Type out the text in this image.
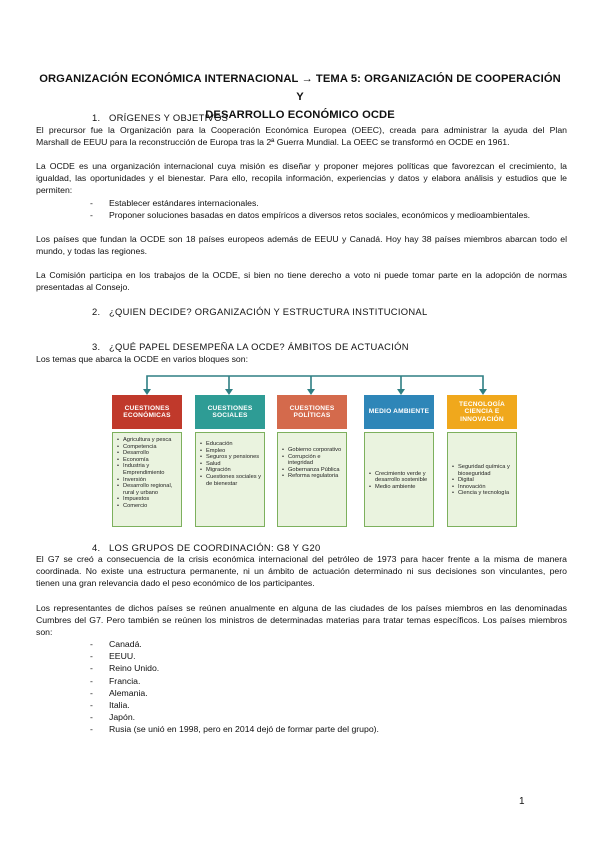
ORGANIZACIÓN ECONÓMICA INTERNACIONAL → TEMA 5: ORGANIZACIÓN DE COOPERACIÓN Y
DESARROLLO ECONÓMICO OCDE
1. ORÍGENES Y OBJETIVOS
El precursor fue la Organización para la Cooperación Económica Europea (OEEC), creada para administrar la ayuda del Plan
Marshall de EEUU para la reconstrucción de Europa tras la 2ª Guerra Mundial. La OEEC se transformó en OCDE en 1961.
La OCDE es una organización internacional cuya misión es diseñar y proponer mejores políticas que favorezcan el crecimiento, la
igualdad, las oportunidades y el bienestar. Para ello, recopila información, experiencias y datos y elabora análisis y estudios que le
permiten:
- Establecer estándares internacionales.
- Proponer soluciones basadas en datos empíricos a diversos retos sociales, económicos y medioambientales.
Los países que fundan la OCDE son 18 países europeos además de EEUU y Canadá. Hoy hay 38 países miembros abarcan todo el
mundo, y todas las regiones.
La Comisión participa en los trabajos de la OCDE, si bien no tiene derecho a voto ni puede tomar parte en la adopción de normas
presentadas al Consejo.
2. ¿QUIEN DECIDE? ORGANIZACIÓN Y ESTRUCTURA INSTITUCIONAL
3. ¿QUÉ PAPEL DESEMPEÑA LA OCDE? ÁMBITOS DE ACTUACIÓN
Los temas que abarca la OCDE en varios bloques son:
CUESTIONES ECONÓMICAS
• Agricultura y pesca
• Competencia
• Desarrollo
• Economía
• Industria y Emprendimiento
• Inversión
• Desarrollo regional, rural y urbano
• Impuestos
• Comercio
CUESTIONES SOCIALES
• Educación
• Empleo
• Seguros y pensiones
• Salud
• Migración
• Cuestiones sociales y de bienestar
CUESTIONES POLÍTICAS
• Gobierno corporativo
• Corrupción e integridad
• Gobernanza Pública
• Reforma regulatoria
MEDIO AMBIENTE
• Crecimiento verde y desarrollo sostenible
• Medio ambiente
TECNOLOGÍA CIENCIA E INNOVACIÓN
• Seguridad química y bioseguridad
• Digital
• Innovación
• Ciencia y tecnología
4. LOS GRUPOS DE COORDINACIÓN: G8 Y G20
El G7 se creó a consecuencia de la crisis económica internacional del petróleo de 1973 para hacer frente a la misma de manera
coordinada. No existe una estructura permanente, ni un ámbito de actuación determinado ni sus decisiones son vinculantes, pero
tienen una gran relevancia dado el peso económico de los participantes.
Los representantes de dichos países se reúnen anualmente en alguna de las ciudades de los países miembros en las denominadas
Cumbres del G7. Pero también se reúnen los ministros de determinadas materias para tratar temas específicos. Los países miembros
son:
- Canadá.
- EEUU.
- Reino Unido.
- Francia.
- Alemania.
- Italia.
- Japón.
- Rusia (se unió en 1998, pero en 2014 dejó de formar parte del grupo).
1
